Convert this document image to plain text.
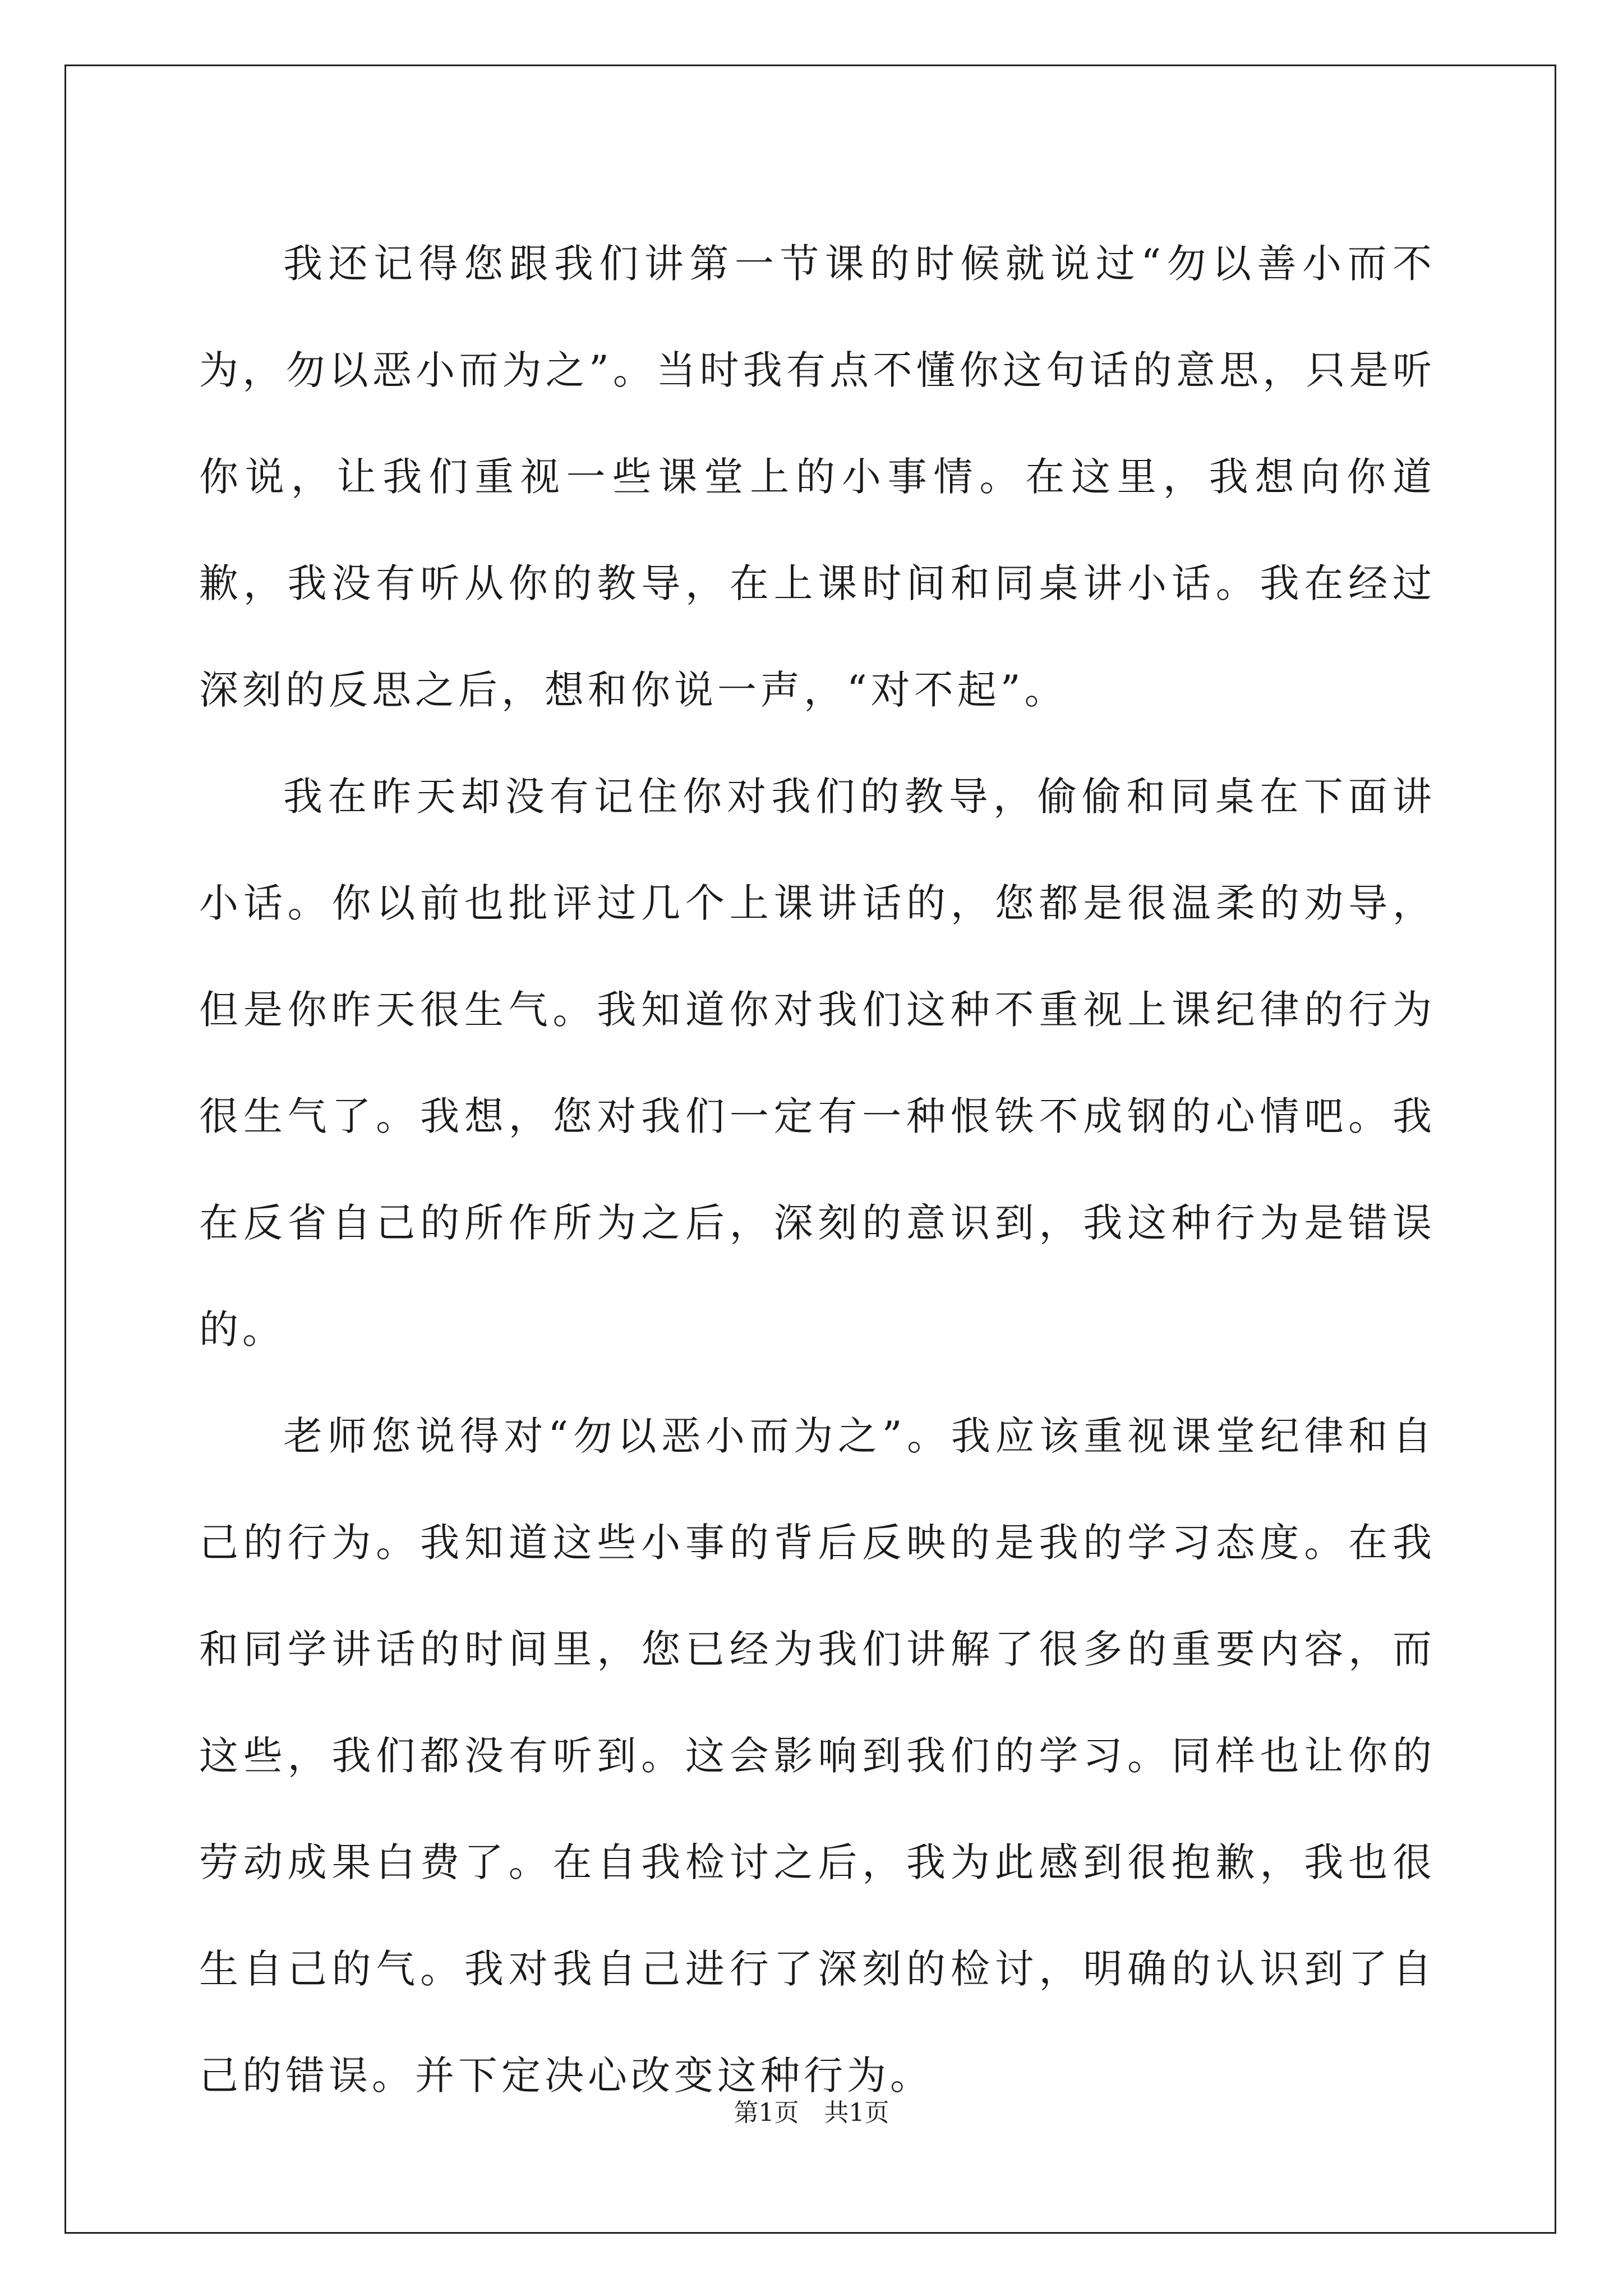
我还记得您跟我们讲第一节课的时候就说过“勿以善小而不为，勿以恶小而为之”。当时我有点不懂你这句话的意思，只是听你说，让我们重视一些课堂上的小事情。在这里，我想向你道歉，我没有听从你的教导，在上课时间和同桌讲小话。我在经过深刻的反思之后，想和你说一声，“对不起”。

我在昨天却没有记住你对我们的教导，偷偷和同桌在下面讲小话。你以前也批评过几个上课讲话的，您都是很温柔的劝导，但是你昨天很生气。我知道你对我们这种不重视上课纪律的行为很生气了。我想，您对我们一定有一种恨铁不成钢的心情吧。我在反省自己的所作所为之后，深刻的意识到，我这种行为是错误的。

老师您说得对“勿以恶小而为之”。我应该重视课堂纪律和自己的行为。我知道这些小事的背后反映的是我的学习态度。在我和同学讲话的时间里，您已经为我们讲解了很多的重要内容，而这些，我们都没有听到。这会影响到我们的学习。同样也让你的劳动成果白费了。在自我检讨之后，我为此感到很抱歉，我也很生自己的气。我对我自己进行了深刻的检讨，明确的认识到了自己的错误。并下定决心改变这种行为。

第1页 共1页
